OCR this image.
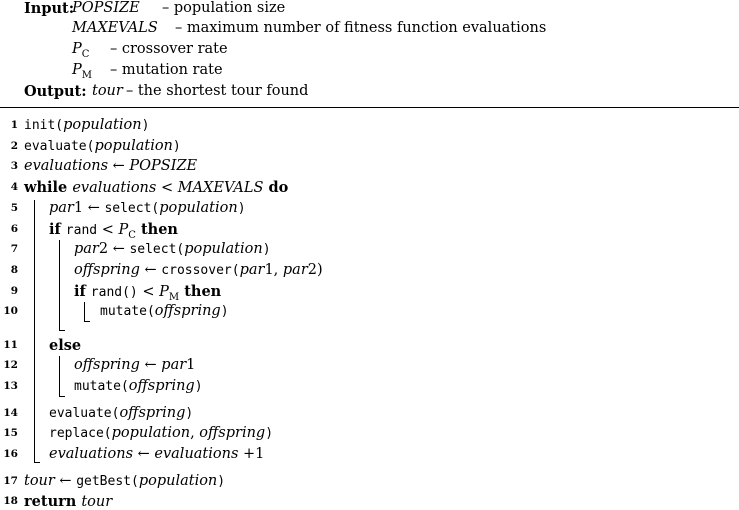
Input:
POPSIZE – population size
MAXEVALS – maximum number of fitness function evaluations
$P_C$ – crossover rate
$P_M$ – mutation rate
Output: tour – the shortest tour found
1 init(population)
2 evaluate(population)
3 evaluations ← POPSIZE
4 while evaluations < MAXEVALS do
5 par1 ← select(population)
6 if rand < $P_C$ then
7	par2 ← select(population)
8	offspring ← crossover(par1, par2)
9	if rand() < $P_M$ then
10	mutate(offspring)
11 else
12	offspring ← par1
13	mutate(offspring)
14 evaluate(offspring)
15 replace(population, offspring)
16 evaluations ← evaluations +1
17 tour ← getBest(population)
18 return tour
